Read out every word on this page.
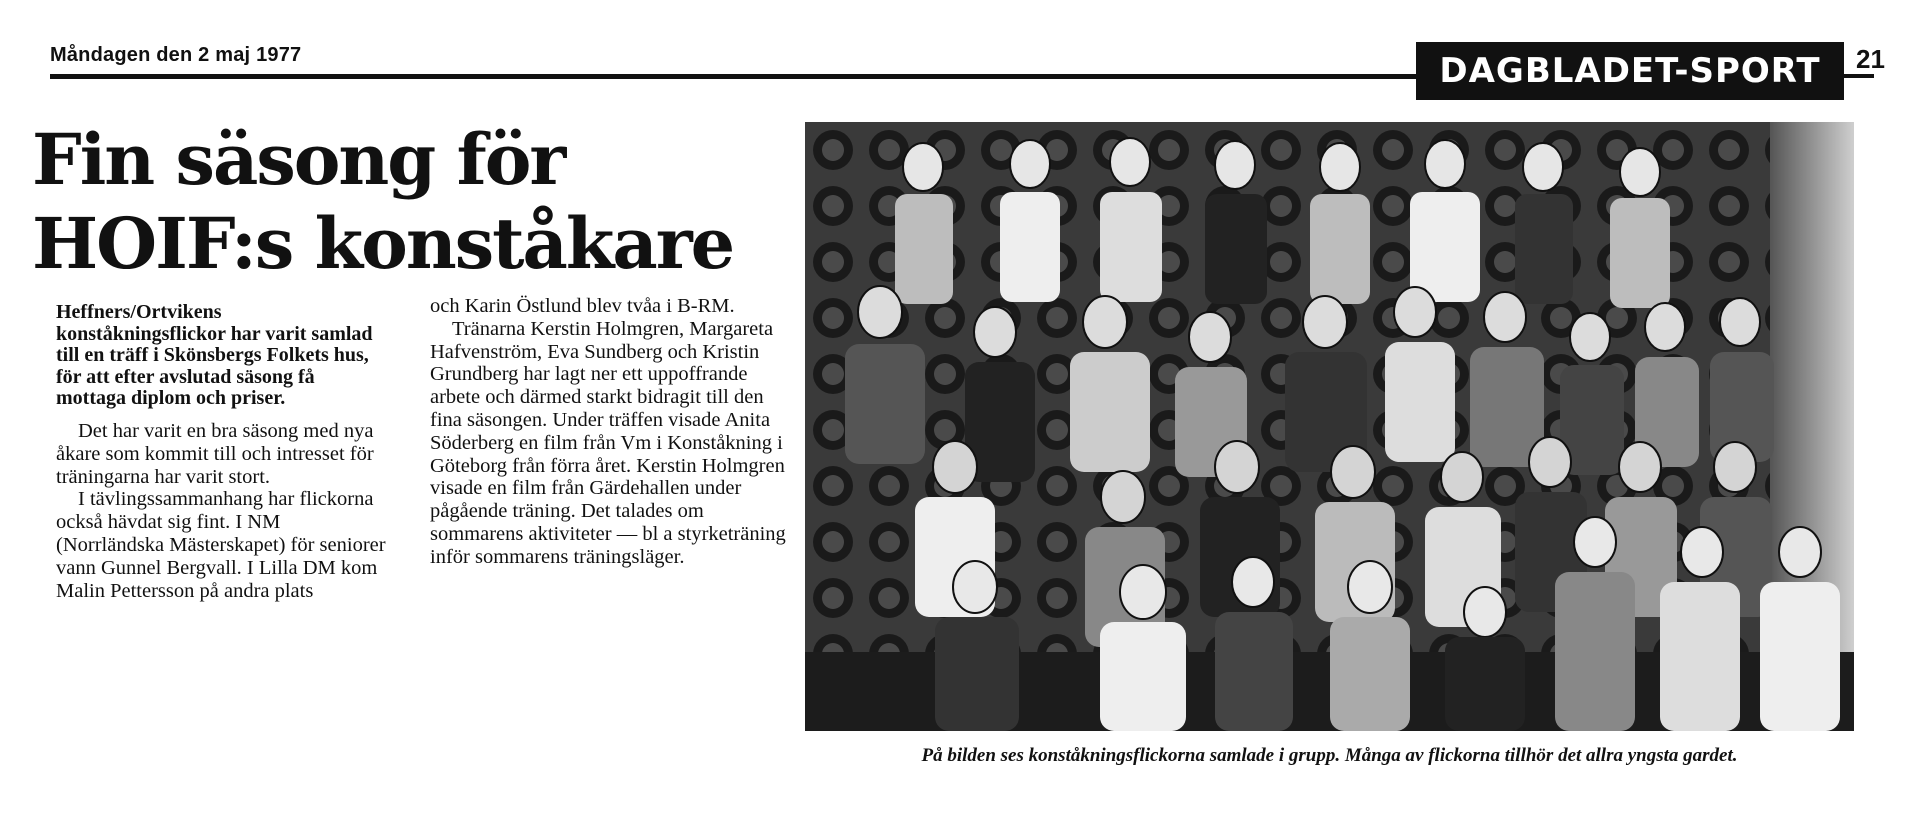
Måndagen den 2 maj 1977	DAGBLADET-SPORT	21
Fin säsong för
HOIF:s konståkare

Heffners/Ortvikens konståkningsflickor har varit samlad till en träff i Skönsbergs Folkets hus, för att efter avslutad säsong få mottaga diplom och priser.

Det har varit en bra säsong med nya åkare som kommit till och intresset för träningarna har varit stort.

I tävlingssammanhang har flickorna också hävdat sig fint. I NM (Norrländska Mästerskapet) för seniorer vann Gunnel Bergvall. I Lilla DM kom Malin Pettersson på andra plats

och Karin Östlund blev tvåa i B-RM.

Tränarna Kerstin Holmgren, Margareta Hafvenström, Eva Sundberg och Kristin Grundberg har lagt ner ett uppoffrande arbete och därmed starkt bidragit till den fina säsongen. Under träffen visade Anita Söderberg en film från Vm i Konståkning i Göteborg från förra året. Kerstin Holmgren visade en film från Gärdehallen under pågående träning. Det talades om sommarens aktiviteter — bl a styrketräning inför sommarens träningsläger.

På bilden ses konståkningsflickorna samlade i grupp. Många av flickorna tillhör det allra yngsta gardet.
